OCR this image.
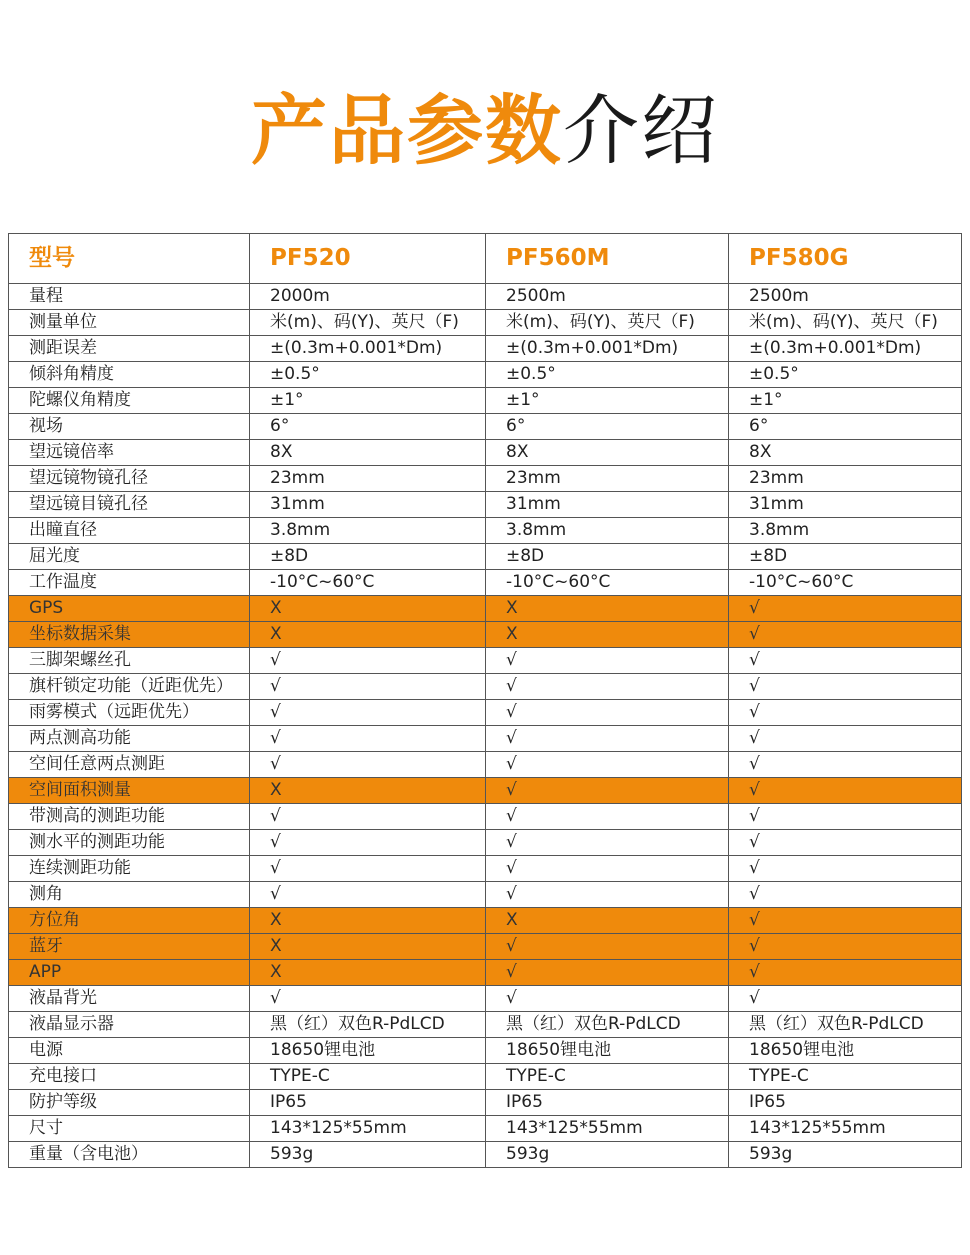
产品参数介绍
型号	PF520	PF560M	PF580G
量程	2000m	2500m	2500m
测量单位	米(m)、码(Y)、英尺（F)	米(m)、码(Y)、英尺（F)	米(m)、码(Y)、英尺（F)
测距误差	±(0.3m+0.001*Dm)	±(0.3m+0.001*Dm)	±(0.3m+0.001*Dm)
倾斜角精度	±0.5°	±0.5°	±0.5°
陀螺仪角精度	±1°	±1°	±1°
视场	6°	6°	6°
望远镜倍率	8X	8X	8X
望远镜物镜孔径	23mm	23mm	23mm
望远镜目镜孔径	31mm	31mm	31mm
出瞳直径	3.8mm	3.8mm	3.8mm
屈光度	±8D	±8D	±8D
工作温度	-10°C~60°C	-10°C~60°C	-10°C~60°C
GPS	X	X	√
坐标数据采集	X	X	√
三脚架螺丝孔	√	√	√
旗杆锁定功能（近距优先）	√	√	√
雨雾模式（远距优先）	√	√	√
两点测高功能	√	√	√
空间任意两点测距	√	√	√
空间面积测量	X	√	√
带测高的测距功能	√	√	√
测水平的测距功能	√	√	√
连续测距功能	√	√	√
测角	√	√	√
方位角	X	X	√
蓝牙	X	√	√
APP	X	√	√
液晶背光	√	√	√
液晶显示器	黑（红）双色R-PdLCD	黑（红）双色R-PdLCD	黑（红）双色R-PdLCD
电源	18650锂电池	18650锂电池	18650锂电池
充电接口	TYPE-C	TYPE-C	TYPE-C
防护等级	IP65	IP65	IP65
尺寸	143*125*55mm	143*125*55mm	143*125*55mm
重量（含电池）	593g	593g	593g
